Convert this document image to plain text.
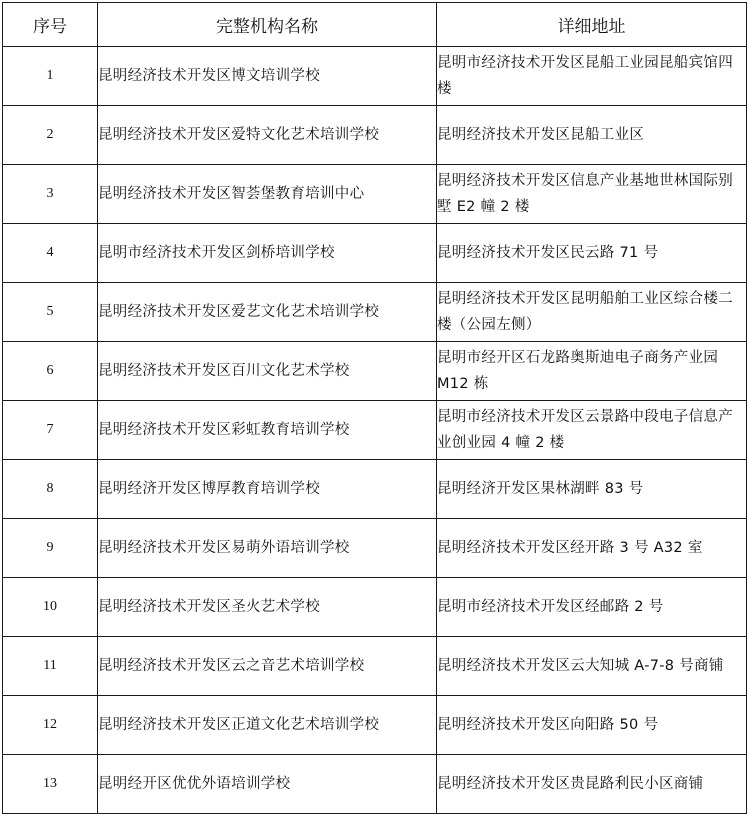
序号	完整机构名称	详细地址
1	昆明经济技术开发区博文培训学校	昆明市经济技术开发区昆船工业园昆船宾馆四楼
2	昆明经济技术开发区爱特文化艺术培训学校	昆明经济技术开发区昆船工业区
3	昆明经济技术开发区智荟堡教育培训中心	昆明经济技术开发区信息产业基地世林国际别墅 E2 幢 2 楼
4	昆明市经济技术开发区剑桥培训学校	昆明经济技术开发区民云路 71 号
5	昆明经济技术开发区爱艺文化艺术培训学校	昆明经济技术开发区昆明船舶工业区综合楼二楼（公园左侧）
6	昆明经济技术开发区百川文化艺术学校	昆明市经开区石龙路奥斯迪电子商务产业园 M12 栋
7	昆明经济技术开发区彩虹教育培训学校	昆明市经济技术开发区云景路中段电子信息产业创业园 4 幢 2 楼
8	昆明经济开发区博厚教育培训学校	昆明经济开发区果林湖畔 83 号
9	昆明经济技术开发区易萌外语培训学校	昆明经济技术开发区经开路 3 号 A32 室
10	昆明经济技术开发区圣火艺术学校	昆明市经济技术开发区经邮路 2 号
11	昆明经济技术开发区云之音艺术培训学校	昆明经济技术开发区云大知城 A-7-8 号商铺
12	昆明经济技术开发区正道文化艺术培训学校	昆明经济技术开发区向阳路 50 号
13	昆明经开区优优外语培训学校	昆明经济技术开发区贵昆路利民小区商铺
